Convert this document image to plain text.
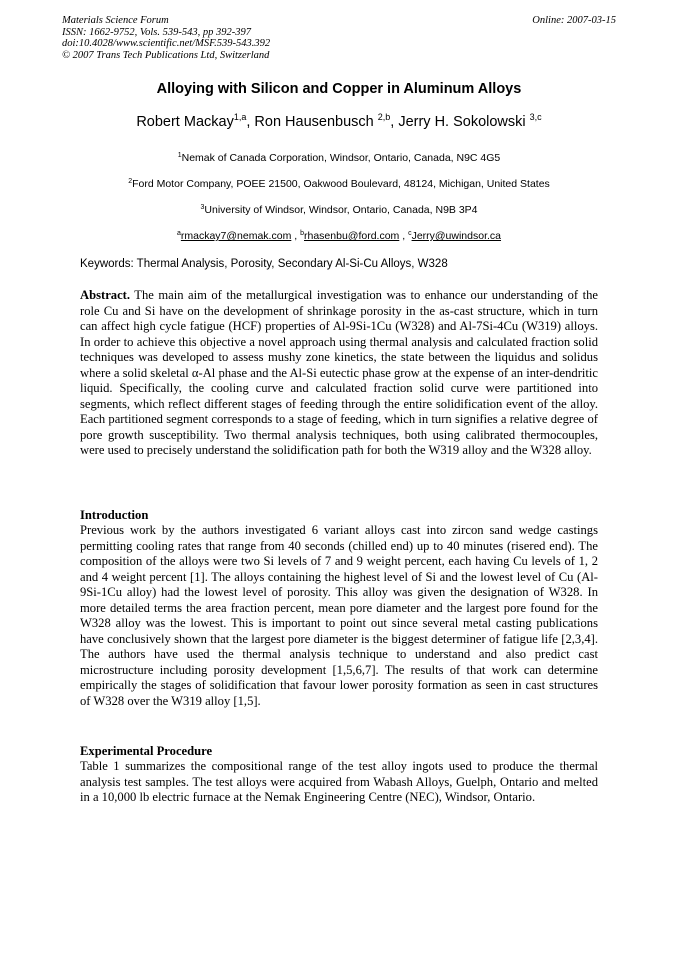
Materials Science Forum
ISSN: 1662-9752, Vols. 539-543, pp 392-397
doi:10.4028/www.scientific.net/MSF.539-543.392
© 2007 Trans Tech Publications Ltd, Switzerland
Online: 2007-03-15
Alloying with Silicon and Copper in Aluminum Alloys
Robert Mackay$^{1,a}$, Ron Hausenbusch $^{2,b}$, Jerry H. Sokolowski $^{3,c}$
$^1$Nemak of Canada Corporation, Windsor, Ontario, Canada, N9C 4G5
$^2$Ford Motor Company, POEE 21500, Oakwood Boulevard, 48124, Michigan, United States
$^3$University of Windsor, Windsor, Ontario, Canada, N9B 3P4
$^a$rmackay7@nemak.com , $^b$rhasenbu@ford.com , $^c$Jerry@uwindsor.ca
Keywords: Thermal Analysis, Porosity, Secondary Al-Si-Cu Alloys, W328
Abstract. The main aim of the metallurgical investigation was to enhance our understanding of the role Cu and Si have on the development of shrinkage porosity in the as-cast structure, which in turn can affect high cycle fatigue (HCF) properties of Al-9Si-1Cu (W328) and Al-7Si-4Cu (W319) alloys. In order to achieve this objective a novel approach using thermal analysis and calculated fraction solid techniques was developed to assess mushy zone kinetics, the state between the liquidus and solidus where a solid skeletal α-Al phase and the Al-Si eutectic phase grow at the expense of an inter-dendritic liquid. Specifically, the cooling curve and calculated fraction solid curve were partitioned into segments, which reflect different stages of feeding through the entire solidification event of the alloy. Each partitioned segment corresponds to a stage of feeding, which in turn signifies a relative degree of pore growth susceptibility. Two thermal analysis techniques, both using calibrated thermocouples, were used to precisely understand the solidification path for both the W319 alloy and the W328 alloy.
Introduction
Previous work by the authors investigated 6 variant alloys cast into zircon sand wedge castings permitting cooling rates that range from 40 seconds (chilled end) up to 40 minutes (risered end). The composition of the alloys were two Si levels of 7 and 9 weight percent, each having Cu levels of 1, 2 and 4 weight percent [1]. The alloys containing the highest level of Si and the lowest level of Cu (Al-9Si-1Cu alloy) had the lowest level of porosity. This alloy was given the designation of W328. In more detailed terms the area fraction percent, mean pore diameter and the largest pore found for the W328 alloy was the lowest. This is important to point out since several metal casting publications have conclusively shown that the largest pore diameter is the biggest determiner of fatigue life [2,3,4]. The authors have used the thermal analysis technique to understand and also predict cast microstructure including porosity development [1,5,6,7]. The results of that work can determine empirically the stages of solidification that favour lower porosity formation as seen in cast structures of W328 over the W319 alloy [1,5].
Experimental Procedure
Table 1 summarizes the compositional range of the test alloy ingots used to produce the thermal analysis test samples. The test alloys were acquired from Wabash Alloys, Guelph, Ontario and melted in a 10,000 lb electric furnace at the Nemak Engineering Centre (NEC), Windsor, Ontario.
